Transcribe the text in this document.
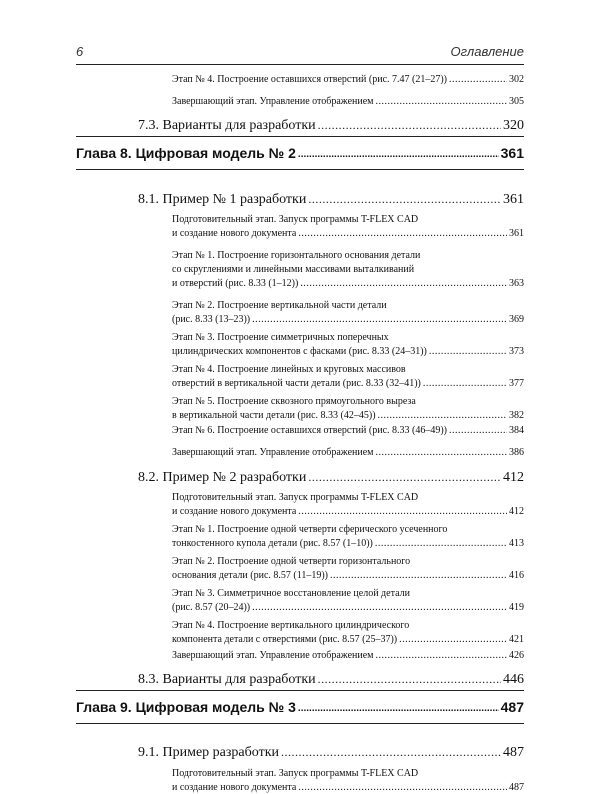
6	Оглавление
Этап № 4. Построение оставшихся отверстий (рис. 7.47 (21–27)) .....	302
Завершающий этап. Управление отображением .....	305
7.3. Варианты для разработки .....	320
Глава 8. Цифровая модель № 2 .....	361
8.1. Пример № 1 разработки .....	361
Подготовительный этап. Запуск программы T-FLEX CAD
и создание нового документа .....	361
Этап № 1. Построение горизонтального основания детали
со скруглениями и линейными массивами выталкиваний
и отверстий (рис. 8.33 (1–12)) .....	363
Этап № 2. Построение вертикальной части детали
(рис. 8.33 (13–23)) .....	369
Этап № 3. Построение симметричных поперечных
цилиндрических компонентов с фасками (рис. 8.33 (24–31)) .....	373
Этап № 4. Построение линейных и круговых массивов
отверстий в вертикальной части детали (рис. 8.33 (32–41)) .....	377
Этап № 5. Построение сквозного прямоугольного выреза
в вертикальной части детали (рис. 8.33 (42–45)) .....	382
Этап № 6. Построение оставшихся отверстий (рис. 8.33 (46–49)) .....	384
Завершающий этап. Управление отображением .....	386
8.2. Пример № 2 разработки .....	412
Подготовительный этап. Запуск программы T-FLEX CAD
и создание нового документа .....	412
Этап № 1. Построение одной четверти сферического усеченного
тонкостенного купола детали (рис. 8.57 (1–10)) .....	413
Этап № 2. Построение одной четверти горизонтального
основания детали (рис. 8.57 (11–19)) .....	416
Этап № 3. Симметричное восстановление целой детали
(рис. 8.57 (20–24)) .....	419
Этап № 4. Построение вертикального цилиндрического
компонента детали с отверстиями (рис. 8.57 (25–37)) .....	421
Завершающий этап. Управление отображением .....	426
8.3. Варианты для разработки .....	446
Глава 9. Цифровая модель № 3 .....	487
9.1. Пример разработки .....	487
Подготовительный этап. Запуск программы T-FLEX CAD
и создание нового документа .....	487
